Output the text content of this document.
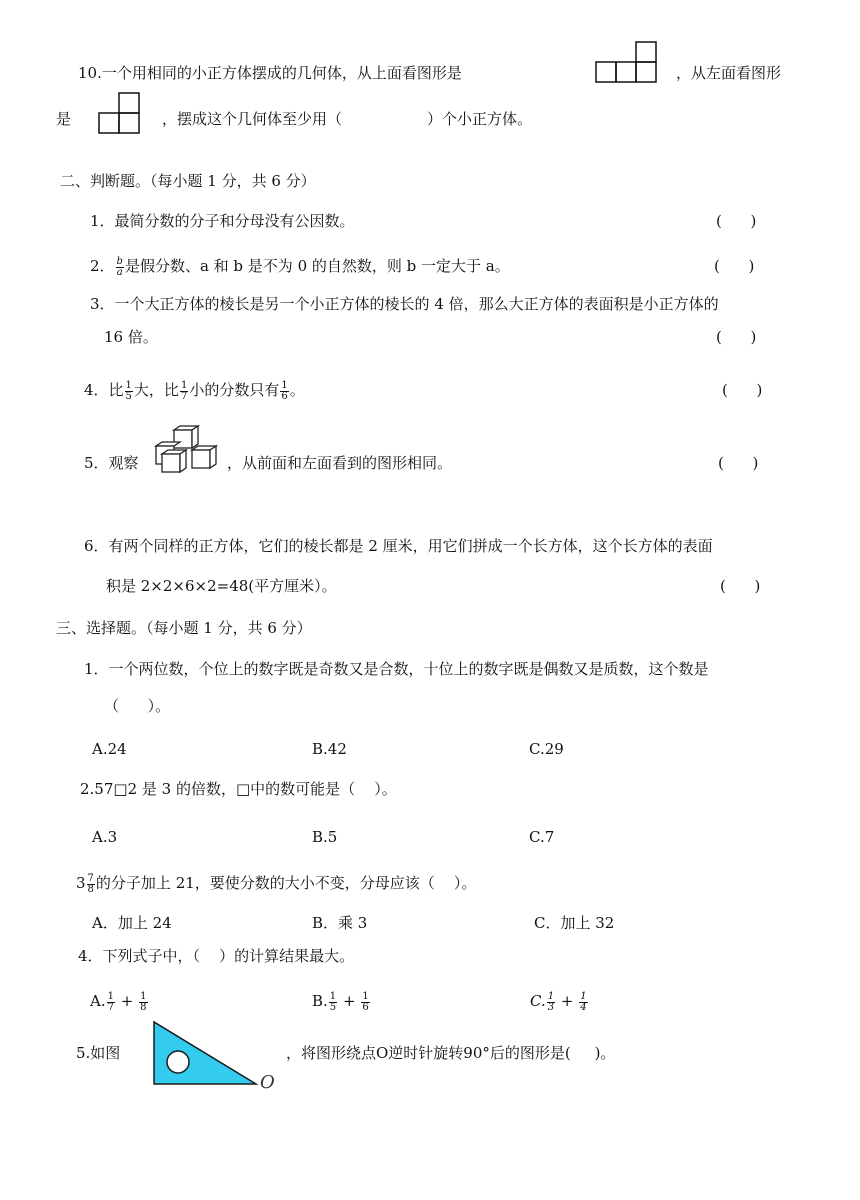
10.一个用相同的小正方体摆成的几何体，从上面看图形是	，从左面看图形
是	，摆成这个几何体至少用（	）个小正方体。
二、判断题。（每小题 1 分，共 6 分）
1．最简分数的分子和分母没有公因数。	(      )
2． $\frac{b}{a}$ 是假分数、a 和 b 是不为 0 的自然数，则 b 一定大于 a。	(      )
3．一个大正方体的棱长是另一个小正方体的棱长的 4 倍，那么大正方体的表面积是小正方体的
16 倍。	(      )
4．比 $\frac{1}{5}$ 大，比 $\frac{1}{7}$ 小的分数只有 $\frac{1}{6}$ 。	(      )
5．观察	，从前面和左面看到的图形相同。	(      )
6．有两个同样的正方体，它们的棱长都是 2 厘米，用它们拼成一个长方体，这个长方体的表面
积是 2×2×6×2=48(平方厘米）。	(      )
三、选择题。（每小题 1 分，共 6 分）
1．一个两位数，个位上的数字既是奇数又是合数，十位上的数字既是偶数又是质数，这个数是
（      ）。
A.24	B.42	C.29
2.57□2 是 3 的倍数，□中的数可能是（    ）。
A.3	B.5	C.7
$3 \frac{7}{8}$ 的分子加上 21，要使分数的大小不变，分母应该（    ）。
A．加上 24	B．乘 3	C．加上 32
4．下列式子中，（    ）的计算结果最大。
A. $\frac{1}{7} + \frac{1}{8}$	B. $\frac{1}{5} + \frac{1}{6}$	C. $\frac{1}{3} + \frac{1}{4}$
5.如图
O
，将图形绕点O逆时针旋转90°后的图形是(     )。
